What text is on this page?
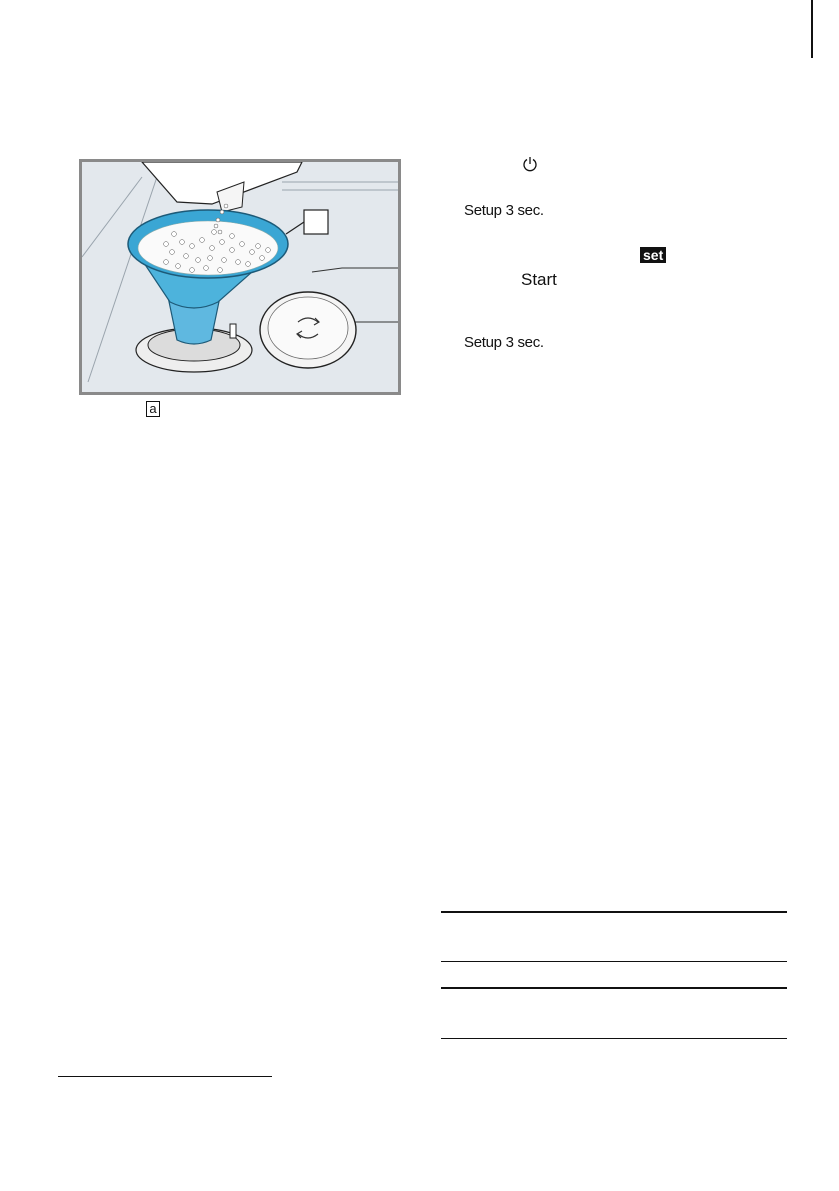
a
Setup 3 sec.
set
Start
Setup 3 sec.
